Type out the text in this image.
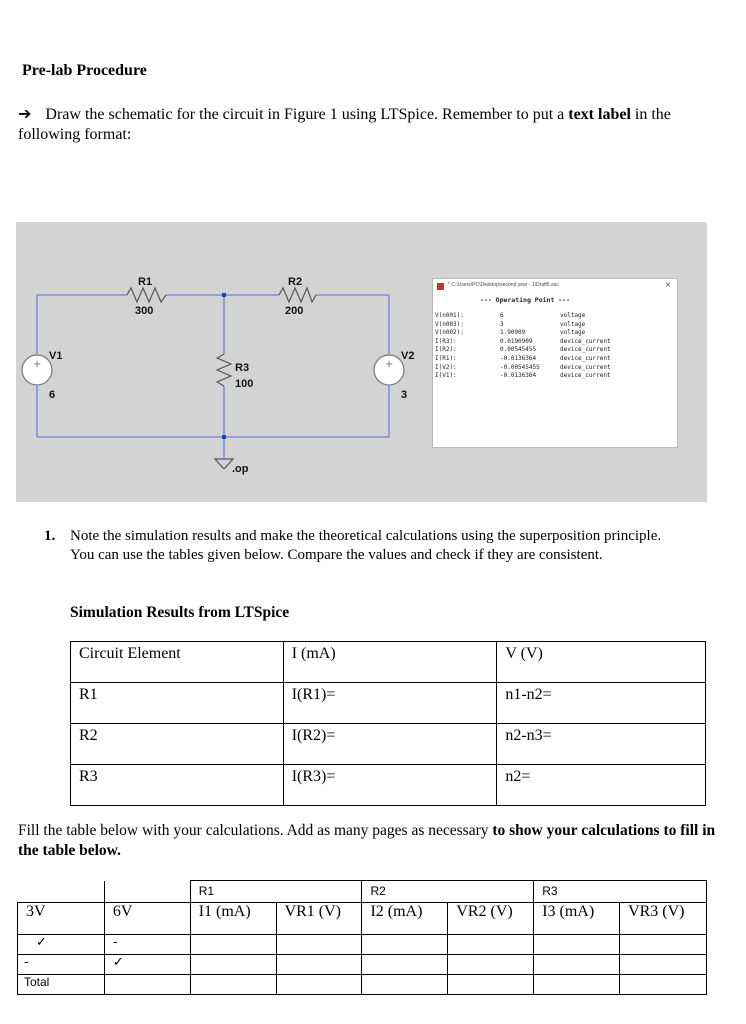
Pre-lab Procedure
➔ Draw the schematic for the circuit in Figure 1 using LTSpice. Remember to put a text label in the following format:
+	+
R1
300
R2
200
R3
100
V1
6
V2
3
.op
* C:\Users\PC\Desktop\second year - 1\Draft5.asc	×
--- Operating Point ---
V(n001):	6	voltage
V(n003):	3	voltage
V(n002):	1.90909	voltage
I(R3):	0.0190909	device_current
I(R2):	0.00545455	device_current
I(R1):	-0.0136364	device_current
I(V2):	-0.00545455	device_current
I(V1):	-0.0136364	device_current
1. Note the simulation results and make the theoretical calculations using the superposition principle. You can use the tables given below. Compare the values and check if they are consistent.
Simulation Results from LTSpice
Circuit Element	I (mA)	V (V)

R1	I(R1)=	n1-n2=

R2	I(R2)=	n2-n3=

R3	I(R3)=	n2=
Fill the table below with your calculations. Add as many pages as necessary to show your calculations to fill in the table below.
		R1		R2		R3	
3V	6V	I1 (mA)	VR1 (V)	I2 (mA)	VR2 (V)	I3 (mA)	VR3 (V)
✓	-						
-	✓						
Total							
